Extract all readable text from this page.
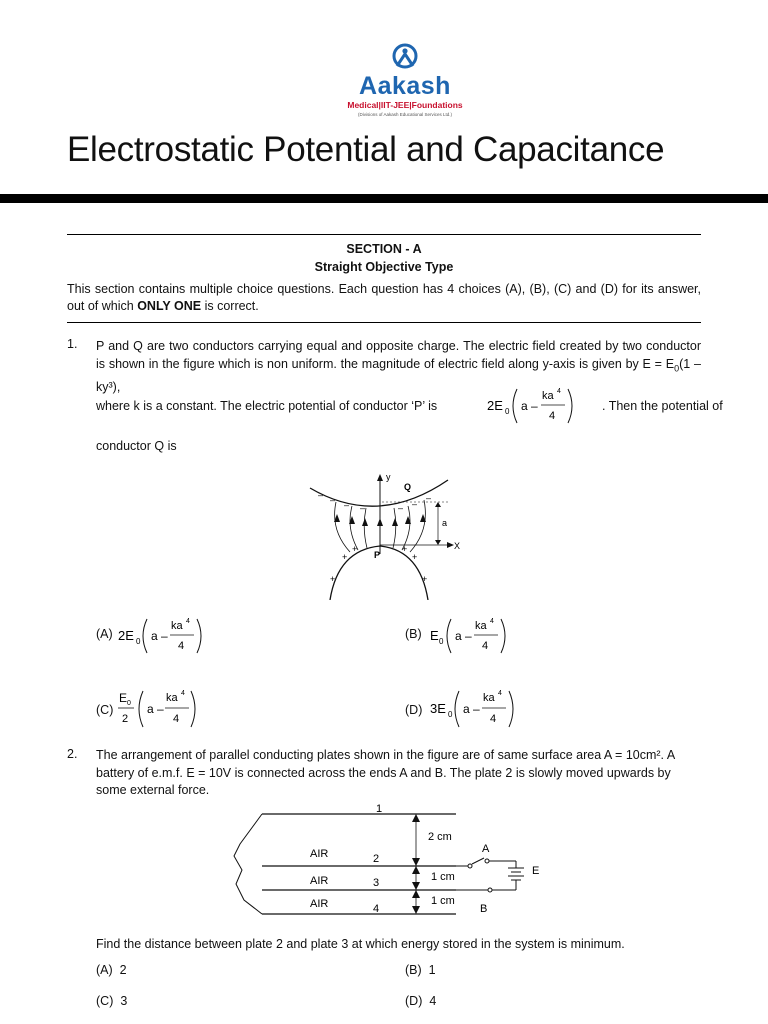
Aakash
Medical|IIT-JEE|Foundations
(Divisions of Aakash Educational Services Ltd.)
Electrostatic Potential and Capacitance
SECTION - A
Straight Objective Type
This section contains multiple choice questions. Each question has 4 choices (A), (B), (C) and (D) for its answer, out of which ONLY ONE is correct.
1. P and Q are two conductors carrying equal and opposite charge. The electric field created by two conductor is shown in the figure which is non uniform. the magnitude of electric field along y-axis is given by $E = E_0(1 - ky^3)$,
where k is a constant. The electric potential of conductor ‘P’ is	2E 0 a –
ka 4
4
. Then the potential of
conductor Q is
– – – –	– –
–
+
+	+
+
+	+
y
Q
P
a
X
(A) 2E 0 a –
ka 4
4
(B) E 0 a –
ka 4
4
(C)
E 0
2
a –
ka 4
4
(D) 3E 0 a –
ka 4
4
2. The arrangement of parallel conducting plates shown in the figure are of same surface area A = 10cm². A battery of e.m.f. E = 10V is connected across the ends A and B. The plate 2 is slowly moved upwards by some external force.
1
2
3
4
AIR
AIR
AIR
2 cm
1 cm
1 cm
A
B
E
Find the distance between plate 2 and plate 3 at which energy stored in the system is minimum.
(A) 2	(B) 1
(C) 3	(D) 4
